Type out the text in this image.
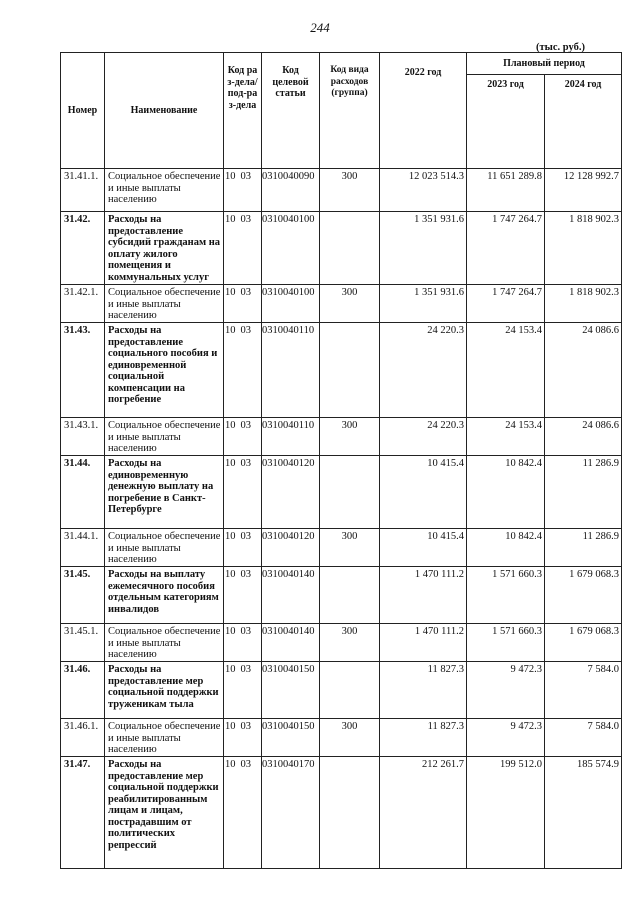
244
(тыс. руб.)
Номер	Наименование	Код раз-дела/ под-раз-дела	Код целевой статьи	Код вида расходов (группа)	2022 год	Плановый период	
						2023 год	2024 год
31.41.1.	Социальное обеспечение и иные выплаты населению	10 03	0310040090	300	12 023 514.3	11 651 289.8	12 128 992.7
31.42.	Расходы на предоставление субсидий гражданам на оплату жилого помещения и коммунальных услуг	10 03	0310040100		1 351 931.6	1 747 264.7	1 818 902.3
31.42.1.	Социальное обеспечение и иные выплаты населению	10 03	0310040100	300	1 351 931.6	1 747 264.7	1 818 902.3
31.43.	Расходы на предоставление социального пособия и единовременной социальной компенсации на погребение	10 03	0310040110		24 220.3	24 153.4	24 086.6
31.43.1.	Социальное обеспечение и иные выплаты населению	10 03	0310040110	300	24 220.3	24 153.4	24 086.6
31.44.	Расходы на единовременную денежную выплату на погребение в Санкт-Петербурге	10 03	0310040120		10 415.4	10 842.4	11 286.9
31.44.1.	Социальное обеспечение и иные выплаты населению	10 03	0310040120	300	10 415.4	10 842.4	11 286.9
31.45.	Расходы на выплату ежемесячного пособия отдельным категориям инвалидов	10 03	0310040140		1 470 111.2	1 571 660.3	1 679 068.3
31.45.1.	Социальное обеспечение и иные выплаты населению	10 03	0310040140	300	1 470 111.2	1 571 660.3	1 679 068.3
31.46.	Расходы на предоставление мер социальной поддержки труженикам тыла	10 03	0310040150		11 827.3	9 472.3	7 584.0
31.46.1.	Социальное обеспечение и иные выплаты населению	10 03	0310040150	300	11 827.3	9 472.3	7 584.0
31.47.	Расходы на предоставление мер социальной поддержки реабилитированным лицам и лицам, пострадавшим от политических репрессий	10 03	0310040170		212 261.7	199 512.0	185 574.9
